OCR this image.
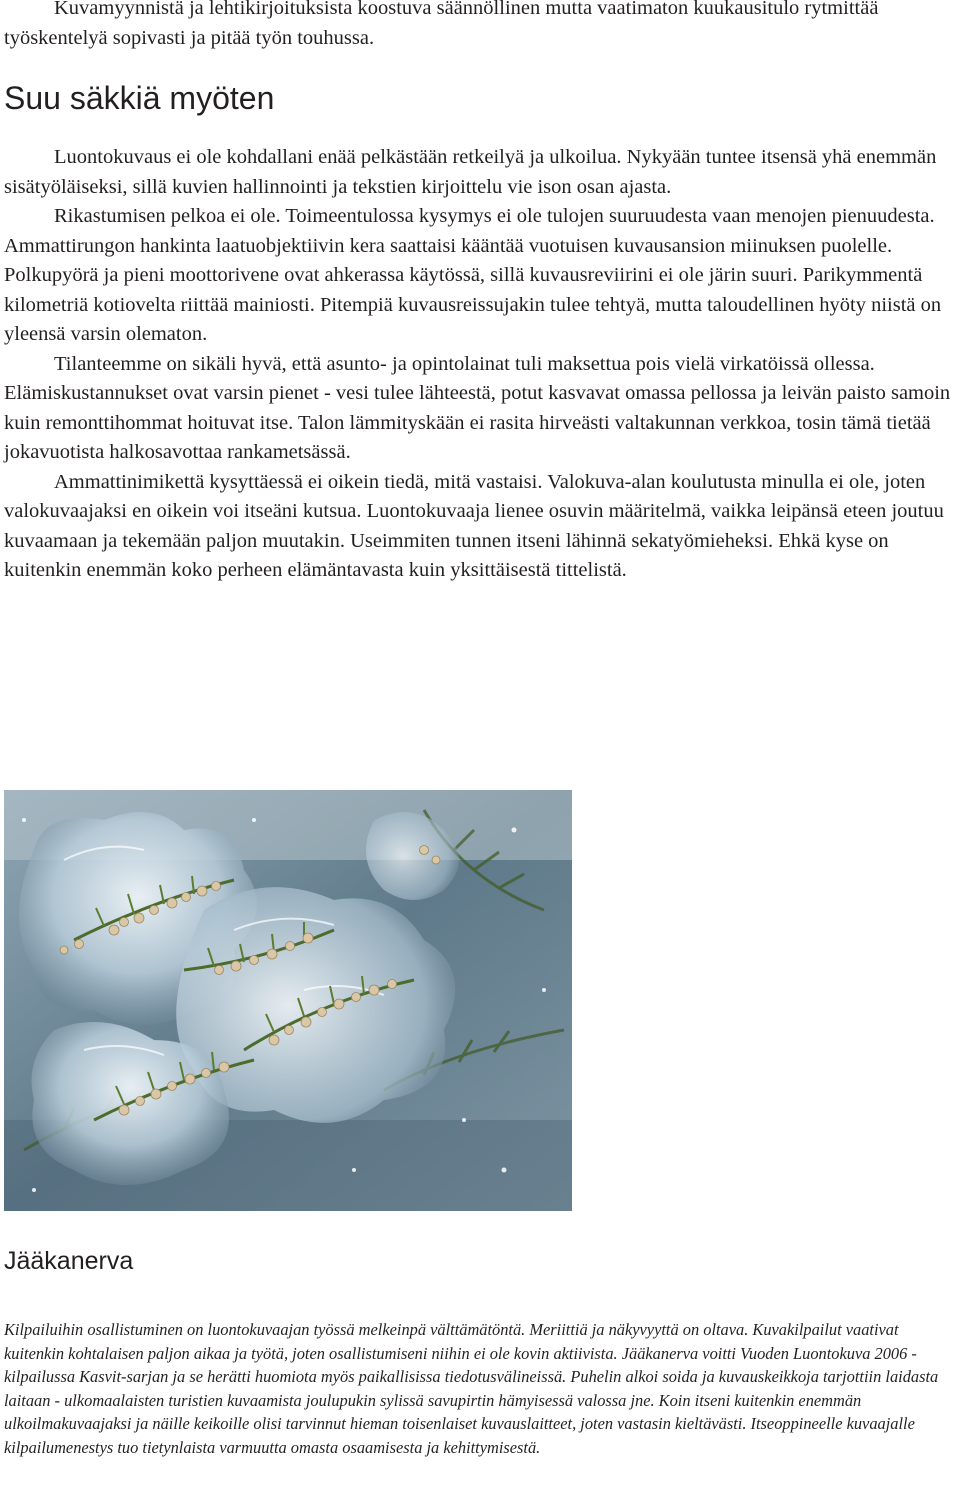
Kuvamyynnistä ja lehtikirjoituksista koostuva säännöllinen mutta vaatimaton kuukausitulo rytmittää työskentelyä sopivasti ja pitää työn touhussa.

Suu säkkiä myöten

Luontokuvaus ei ole kohdallani enää pelkästään retkeilyä ja ulkoilua. Nykyään tuntee itsensä yhä enemmän sisätyöläiseksi, sillä kuvien hallinnointi ja tekstien kirjoittelu vie ison osan ajasta.

Rikastumisen pelkoa ei ole. Toimeentulossa kysymys ei ole tulojen suuruudesta vaan menojen pienuudesta. Ammattirungon hankinta laatuobjektiivin kera saattaisi kääntää vuotuisen kuvausansion miinuksen puolelle. Polkupyörä ja pieni moottorivene ovat ahkerassa käytössä, sillä kuvausreviirini ei ole järin suuri. Parikymmentä kilometriä kotiovelta riittää mainiosti. Pitempiä kuvausreissujakin tulee tehtyä, mutta taloudellinen hyöty niistä on yleensä varsin olematon.

Tilanteemme on sikäli hyvä, että asunto- ja opintolainat tuli maksettua pois vielä virkatöissä ollessa. Elämiskustannukset ovat varsin pienet - vesi tulee lähteestä, potut kasvavat omassa pellossa ja leivän paisto samoin kuin remonttihommat hoituvat itse. Talon lämmityskään ei rasita hirveästi valtakunnan verkkoa, tosin tämä tietää jokavuotista halkosavottaa rankametsässä.

Ammattinimikettä kysyttäessä ei oikein tiedä, mitä vastaisi. Valokuva-alan koulutusta minulla ei ole, joten valokuvaajaksi en oikein voi itseäni kutsua. Luontokuvaaja lienee osuvin määritelmä, vaikka leipänsä eteen joutuu kuvaamaan ja tekemään paljon muutakin. Useimmiten tunnen itseni lähinnä sekatyömieheksi. Ehkä kyse on kuitenkin enemmän koko perheen elämäntavasta kuin yksittäisestä tittelistä.

Jääkanerva

Kilpailuihin osallistuminen on luontokuvaajan työssä melkeinpä välttämätöntä. Meriittiä ja näkyvyyttä on oltava. Kuvakilpailut vaativat kuitenkin kohtalaisen paljon aikaa ja työtä, joten osallistumiseni niihin ei ole kovin aktiivista. Jääkanerva voitti Vuoden Luontokuva 2006 -kilpailussa Kasvit-sarjan ja se herätti huomiota myös paikallisissa tiedotusvälineissä. Puhelin alkoi soida ja kuvauskeikkoja tarjottiin laidasta laitaan - ulkomaalaisten turistien kuvaamista joulupukin sylissä savupirtin hämyisessä valossa jne. Koin itseni kuitenkin enemmän ulkoilmakuvaajaksi ja näille keikoille olisi tarvinnut hieman toisenlaiset kuvauslaitteet, joten vastasin kieltävästi. Itseoppineelle kuvaajalle kilpailumenestys tuo tietynlaista varmuutta omasta osaamisesta ja kehittymisestä.
